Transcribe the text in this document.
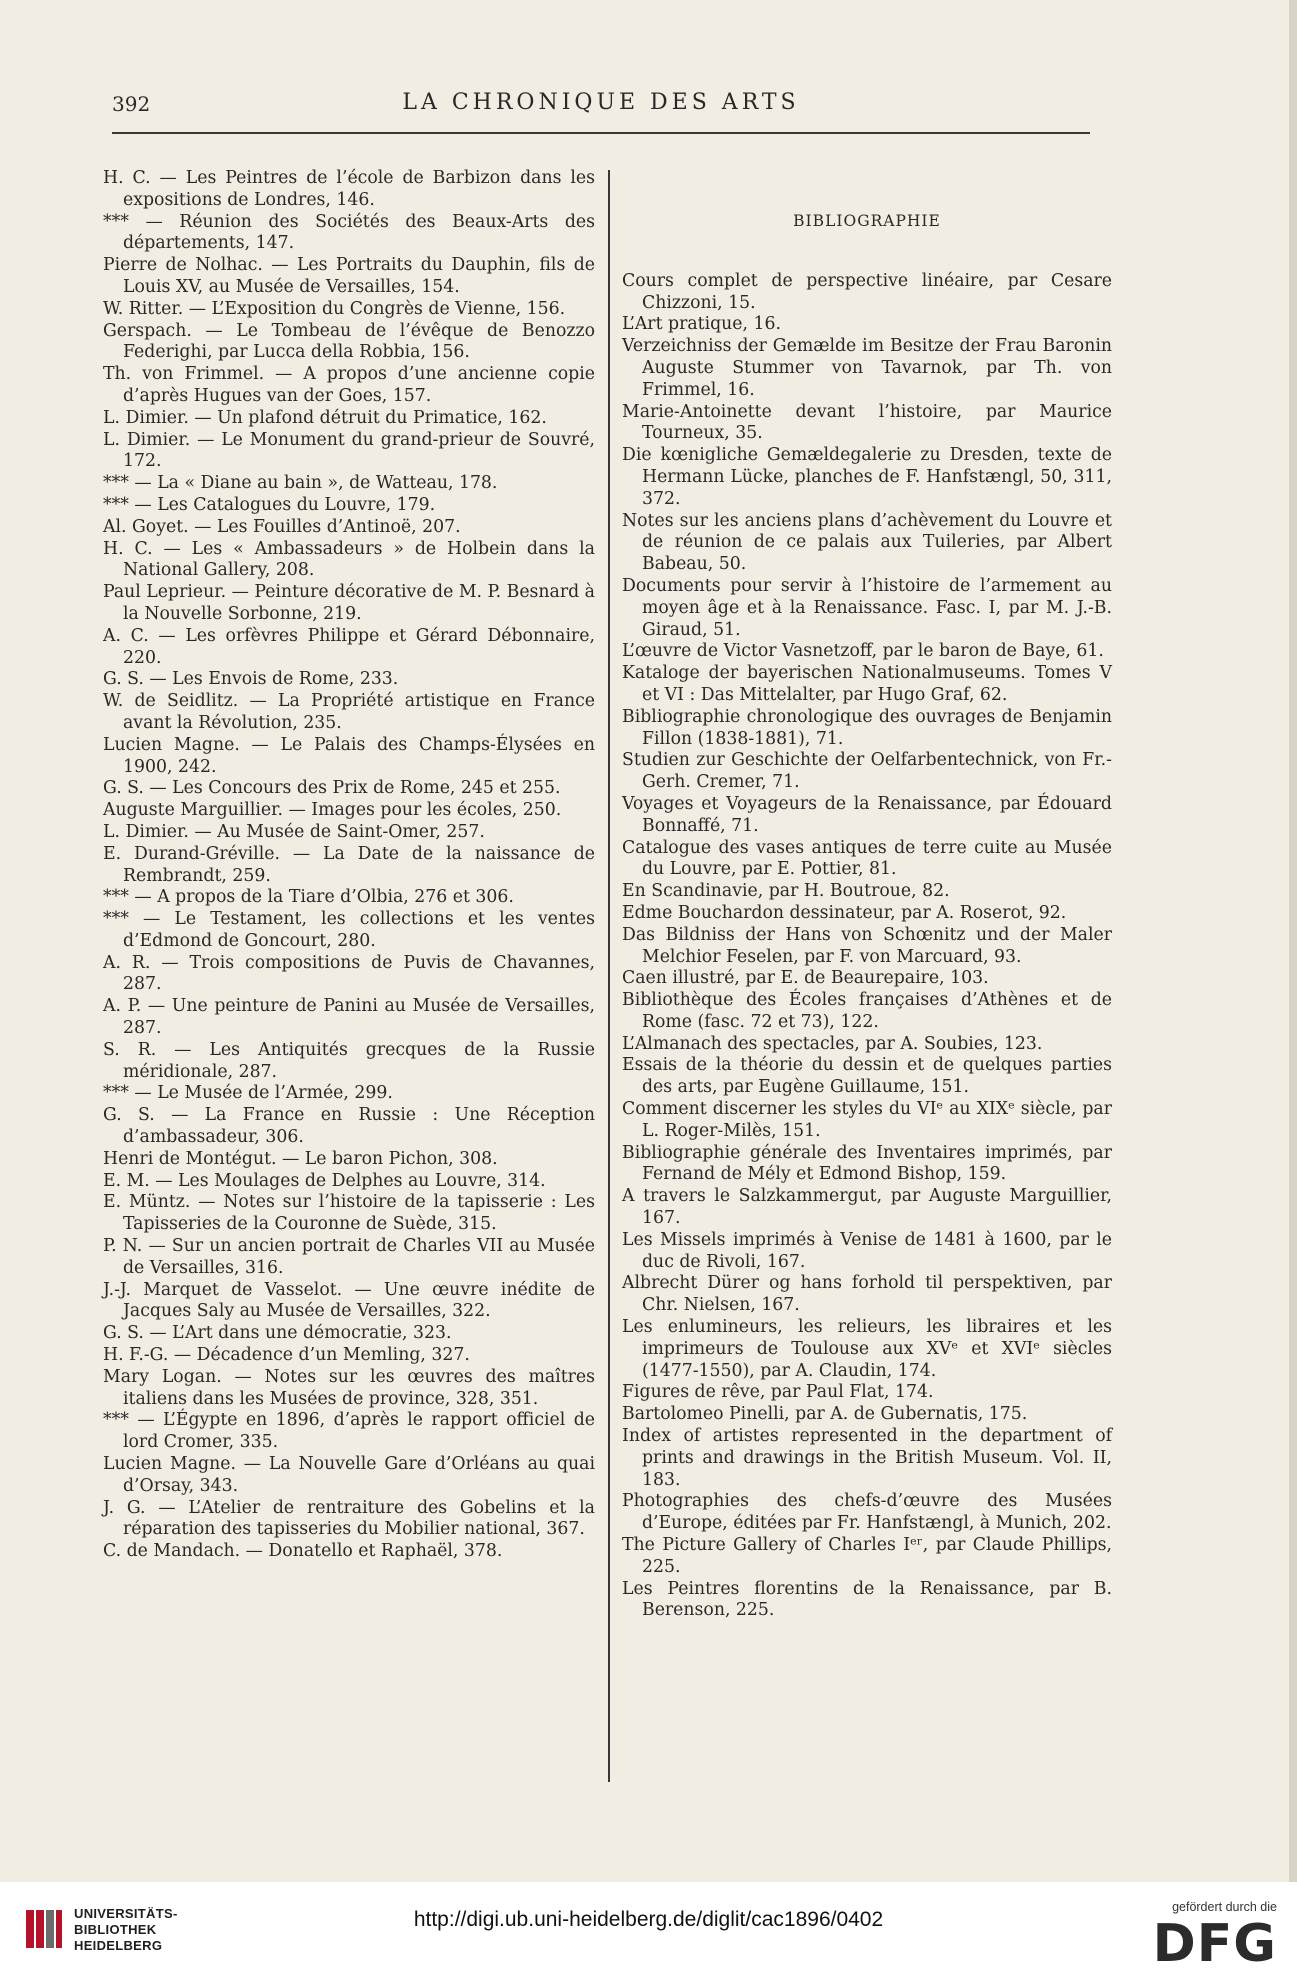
392	LA CHRONIQUE DES ARTS

H. C. — Les Peintres de l’école de Barbizon dans les expositions de Londres, 146.

*** — Réunion des Sociétés des Beaux-Arts des départements, 147.

Pierre de Nolhac. — Les Portraits du Dauphin, fils de Louis XV, au Musée de Versailles, 154.

W. Ritter. — L’Exposition du Congrès de Vienne, 156.

Gerspach. — Le Tombeau de l’évêque de Benozzo Federighi, par Lucca della Robbia, 156.

Th. von Frimmel. — A propos d’une ancienne copie d’après Hugues van der Goes, 157.

L. Dimier. — Un plafond détruit du Primatice, 162.

L. Dimier. — Le Monument du grand-prieur de Souvré, 172.

*** — La « Diane au bain », de Watteau, 178.

*** — Les Catalogues du Louvre, 179.

Al. Goyet. — Les Fouilles d’Antinoë, 207.

H. C. — Les « Ambassadeurs » de Holbein dans la National Gallery, 208.

Paul Leprieur. — Peinture décorative de M. P. Besnard à la Nouvelle Sorbonne, 219.

A. C. — Les orfèvres Philippe et Gérard Débonnaire, 220.

G. S. — Les Envois de Rome, 233.

W. de Seidlitz. — La Propriété artistique en France avant la Révolution, 235.

Lucien Magne. — Le Palais des Champs-Élysées en 1900, 242.

G. S. — Les Concours des Prix de Rome, 245 et 255.

Auguste Marguillier. — Images pour les écoles, 250.

L. Dimier. — Au Musée de Saint-Omer, 257.

E. Durand-Gréville. — La Date de la naissance de Rembrandt, 259.

*** — A propos de la Tiare d’Olbia, 276 et 306.

*** — Le Testament, les collections et les ventes d’Edmond de Goncourt, 280.

A. R. — Trois compositions de Puvis de Chavannes, 287.

A. P. — Une peinture de Panini au Musée de Versailles, 287.

S. R. — Les Antiquités grecques de la Russie méridionale, 287.

*** — Le Musée de l’Armée, 299.

G. S. — La France en Russie : Une Réception d’ambassadeur, 306.

Henri de Montégut. — Le baron Pichon, 308.

E. M. — Les Moulages de Delphes au Louvre, 314.

E. Müntz. — Notes sur l’histoire de la tapisserie : Les Tapisseries de la Couronne de Suède, 315.

P. N. — Sur un ancien portrait de Charles VII au Musée de Versailles, 316.

J.-J. Marquet de Vasselot. — Une œuvre inédite de Jacques Saly au Musée de Versailles, 322.

G. S. — L’Art dans une démocratie, 323.

H. F.-G. — Décadence d’un Memling, 327.

Mary Logan. — Notes sur les œuvres des maîtres italiens dans les Musées de province, 328, 351.

*** — L’Égypte en 1896, d’après le rapport officiel de lord Cromer, 335.

Lucien Magne. — La Nouvelle Gare d’Orléans au quai d’Orsay, 343.

J. G. — L’Atelier de rentraiture des Gobelins et la réparation des tapisseries du Mobilier national, 367.

C. de Mandach. — Donatello et Raphaël, 378.

BIBLIOGRAPHIE

Cours complet de perspective linéaire, par Cesare Chizzoni, 15.

L’Art pratique, 16.

Verzeichniss der Gemælde im Besitze der Frau Baronin Auguste Stummer von Tavarnok, par Th. von Frimmel, 16.

Marie-Antoinette devant l’histoire, par Maurice Tourneux, 35.

Die kœnigliche Gemældegalerie zu Dresden, texte de Hermann Lücke, planches de F. Hanfstængl, 50, 311, 372.

Notes sur les anciens plans d’achèvement du Louvre et de réunion de ce palais aux Tuileries, par Albert Babeau, 50.

Documents pour servir à l’histoire de l’armement au moyen âge et à la Renaissance. Fasc. I, par M. J.-B. Giraud, 51.

L’œuvre de Victor Vasnetzoff, par le baron de Baye, 61.

Kataloge der bayerischen Nationalmuseums. Tomes V et VI : Das Mittelalter, par Hugo Graf, 62.

Bibliographie chronologique des ouvrages de Benjamin Fillon (1838-1881), 71.

Studien zur Geschichte der Oelfarbentechnick, von Fr.-Gerh. Cremer, 71.

Voyages et Voyageurs de la Renaissance, par Édouard Bonnaffé, 71.

Catalogue des vases antiques de terre cuite au Musée du Louvre, par E. Pottier, 81.

En Scandinavie, par H. Boutroue, 82.

Edme Bouchardon dessinateur, par A. Roserot, 92.

Das Bildniss der Hans von Schœnitz und der Maler Melchior Feselen, par F. von Marcuard, 93.

Caen illustré, par E. de Beaurepaire, 103.

Bibliothèque des Écoles françaises d’Athènes et de Rome (fasc. 72 et 73), 122.

L’Almanach des spectacles, par A. Soubies, 123.

Essais de la théorie du dessin et de quelques parties des arts, par Eugène Guillaume, 151.

Comment discerner les styles du VIᵉ au XIXᵉ siècle, par L. Roger-Milès, 151.

Bibliographie générale des Inventaires imprimés, par Fernand de Mély et Edmond Bishop, 159.

A travers le Salzkammergut, par Auguste Marguillier, 167.

Les Missels imprimés à Venise de 1481 à 1600, par le duc de Rivoli, 167.

Albrecht Dürer og hans forhold til perspektiven, par Chr. Nielsen, 167.

Les enlumineurs, les relieurs, les libraires et les imprimeurs de Toulouse aux XVᵉ et XVIᵉ siècles (1477-1550), par A. Claudin, 174.

Figures de rêve, par Paul Flat, 174.

Bartolomeo Pinelli, par A. de Gubernatis, 175.

Index of artistes represented in the department of prints and drawings in the British Museum. Vol. II, 183.

Photographies des chefs-d’œuvre des Musées d’Europe, éditées par Fr. Hanfstængl, à Munich, 202.

The Picture Gallery of Charles Iᵉʳ, par Claude Phillips, 225.

Les Peintres florentins de la Renaissance, par B. Berenson, 225.

UNIVERSITÄTS-
BIBLIOTHEK
HEIDELBERG
http://digi.ub.uni-heidelberg.de/diglit/cac1896/0402
gefördert durch die
DFG
